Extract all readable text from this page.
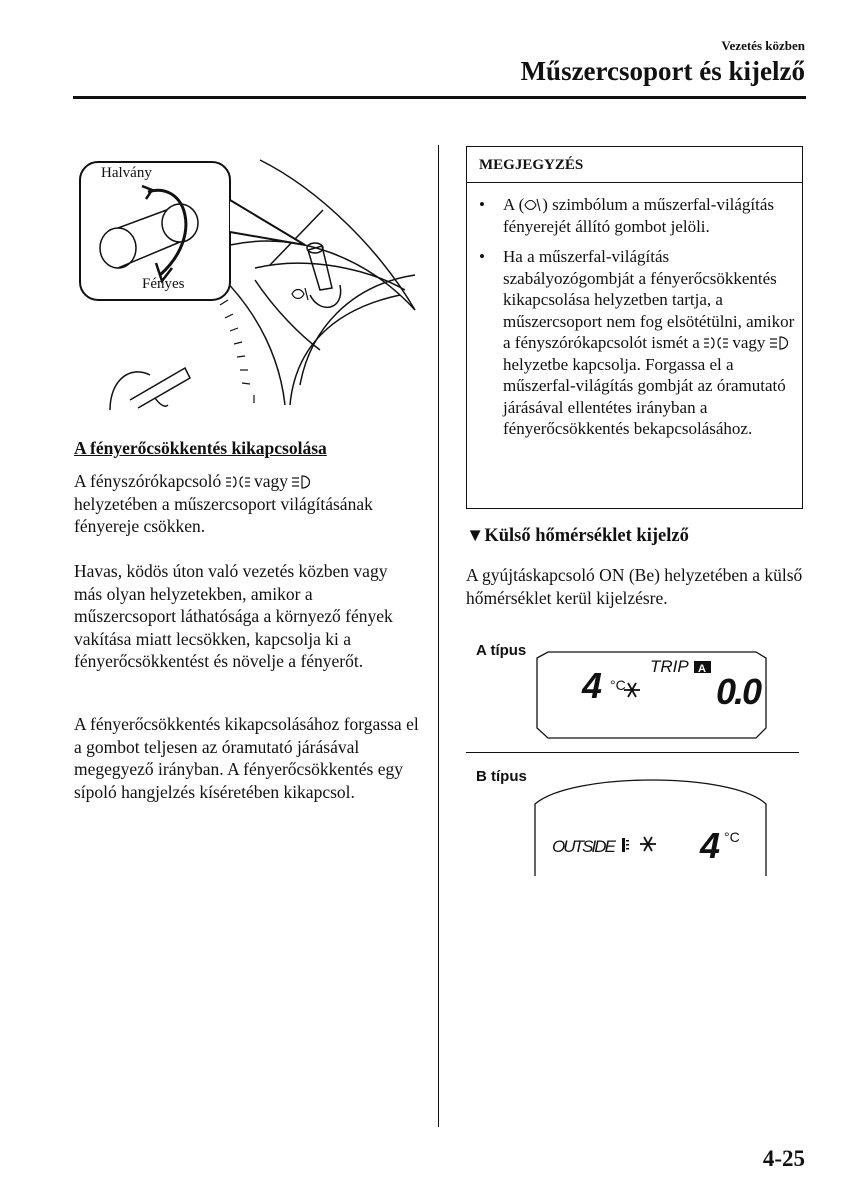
Vezetés közben
Műszercsoport és kijelző
Halvány
Fényes
A fényerőcsökkentés kikapcsolása
A fényszórókapcsoló vagy
helyzetében a műszercsoport világításának fényereje csökken.
Havas, ködös úton való vezetés közben vagy más olyan helyzetekben, amikor a műszercsoport láthatósága a környező fények vakítása miatt lecsökken, kapcsolja ki a fényerőcsökkentést és növelje a fényerőt.
A fényerőcsökkentés kikapcsolásához forgassa el a gombot teljesen az óramutató járásával megegyező irányban. A fényerőcsökkentés egy sípoló hangjelzés kíséretében kikapcsol.
MEGJEGYZÉS
• A ( ) szimbólum a műszerfal-világítás fényerejét állító gombot jelöli.
• Ha a műszerfal-világítás szabályozógombját a fényerőcsökkentés kikapcsolása helyzetben tartja, a műszercsoport nem fog elsötétülni, amikor a fényszórókapcsolót ismét a vagy  helyzetbe kapcsolja. Forgassa el a műszerfal-világítás gombját az óramutató járásával ellentétes irányban a fényerőcsökkentés bekapcsolásához.
▼Külső hőmérséklet kijelző
A gyújtáskapcsoló ON (Be) helyzetében a külső hőmérséklet kerül kijelzésre.
A típus
4 °C
TRIP A
0.0
B típus
OUTSIDE 4 °C
4-25
